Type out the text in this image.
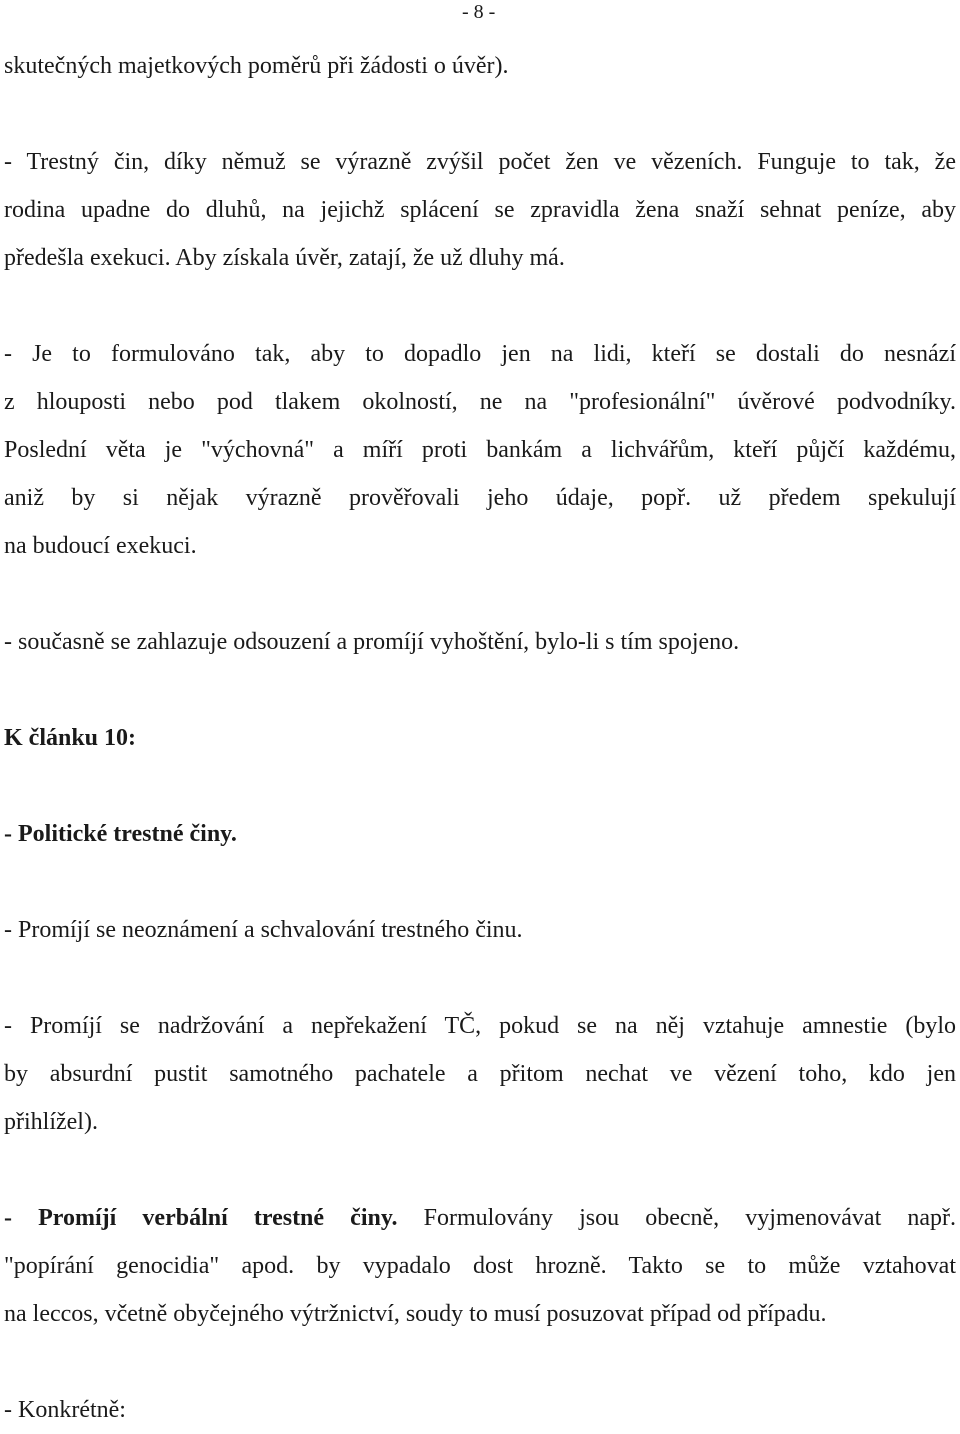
- 8 -
skutečných majetkových poměrů při žádosti o úvěr).
- Trestný čin, díky němuž se výrazně zvýšil počet žen ve vězeních. Funguje to tak, že
rodina upadne do dluhů, na jejichž splácení se zpravidla žena snaží sehnat peníze, aby
předešla exekuci. Aby získala úvěr, zatají, že už dluhy má.
- Je to formulováno tak, aby to dopadlo jen na lidi, kteří se dostali do nesnází
z hlouposti nebo pod tlakem okolností, ne na "profesionální" úvěrové podvodníky.
Poslední věta je "výchovná" a míří proti bankám a lichvářům, kteří půjčí každému,
aniž by si nějak výrazně prověřovali jeho údaje, popř. už předem spekulují
na budoucí exekuci.
- současně se zahlazuje odsouzení a promíjí vyhoštění, bylo-li s tím spojeno.
K článku 10:
- Politické trestné činy.
- Promíjí se neoznámení a schvalování trestného činu.
- Promíjí se nadržování a nepřekažení TČ, pokud se na něj vztahuje amnestie (bylo
by absurdní pustit samotného pachatele a přitom nechat ve vězení toho, kdo jen
přihlížel).
- Promíjí verbální trestné činy. Formulovány jsou obecně, vyjmenovávat např.
"popírání genocidia" apod. by vypadalo dost hrozně. Takto se to může vztahovat
na leccos, včetně obyčejného výtržnictví, soudy to musí posuzovat případ od případu.
- Konkrétně:
